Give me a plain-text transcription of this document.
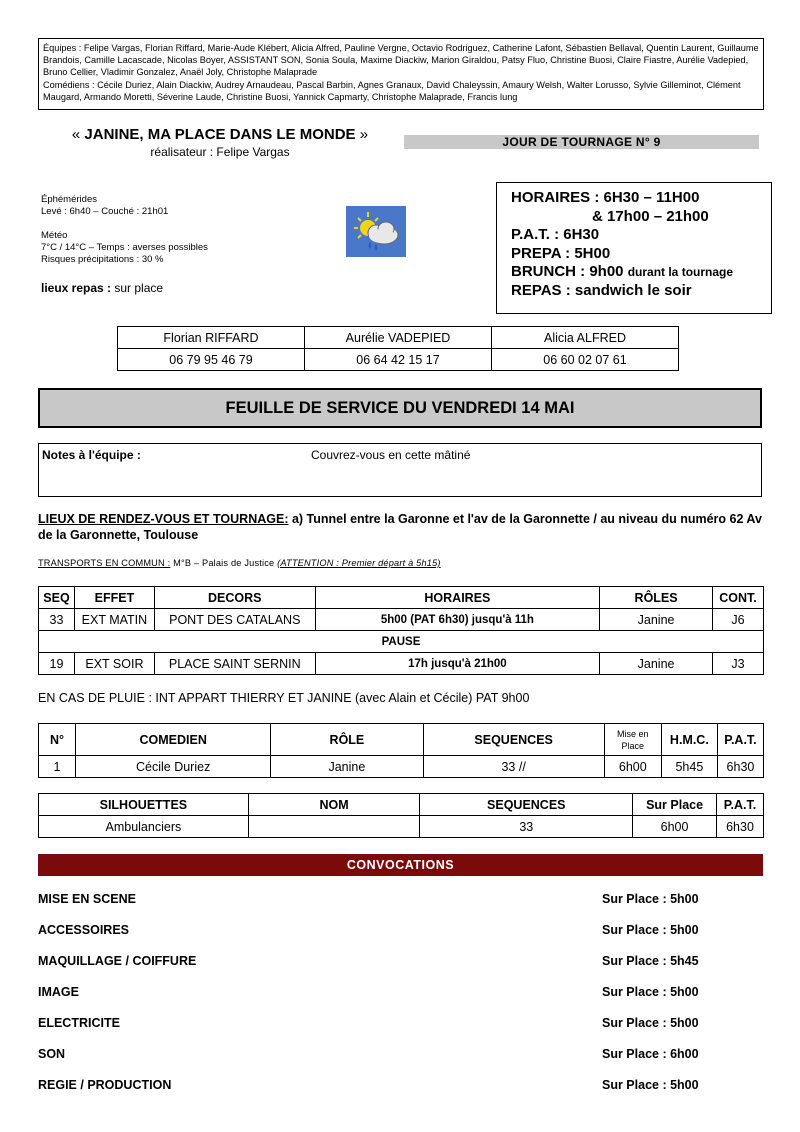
Équipes : Felipe Vargas, Florian Riffard, Marie-Aude Klébert, Alicia Alfred, Pauline Vergne, Octavio Rodriguez, Catherine Lafont, Sébastien Bellaval, Quentin Laurent, Guillaume Brandois, Camille Lacascade, Nicolas Boyer, ASSISTANT SON, Sonia Soula, Maxime Diackiw, Marion Giraldou, Patsy Fluo, Christine Buosi, Claire Fiastre, Aurélie Vadepied, Bruno Cellier, Vladimir Gonzalez, Anaël Joly, Christophe Malaprade

Comédiens : Cécile Duriez, Alain Diackiw, Audrey Arnaudeau, Pascal Barbin, Agnes Granaux, David Chaleyssin, Amaury Welsh, Walter Lorusso, Sylvie Gilleminot, Clément Maugard, Armando Moretti, Séverine Laude, Christine Buosi, Yannick Capmarty, Christophe Malaprade, Francis lung

« JANINE, MA PLACE DANS LE MONDE »
réalisateur : Felipe Vargas
JOUR DE TOURNAGE N° 9

Éphémérides

Levé : 6h40 – Couché : 21h01

Météo

7°C / 14°C – Temps : averses possibles

Risques précipitations : 30 %

lieux repas : sur place
HORAIRES : 6H30 – 11H00
& 17h00 – 21h00
P.A.T. : 6H30
PREPA : 5H00
BRUNCH : 9h00 durant la tournage
REPAS : sandwich le soir
Florian RIFFARD	Aurélie VADEPIED	Alicia ALFRED
06 79 95 46 79	06 64 42 15 17	06 60 02 07 61
FEUILLE DE SERVICE DU VENDREDI 14 MAI
Notes à l'équipe :	Couvrez-vous en cette mâtiné
LIEUX DE RENDEZ-VOUS ET TOURNAGE: a) Tunnel entre la Garonne et l'av de la Garonnette / au niveau du numéro 62 Av de la Garonnette, Toulouse
TRANSPORTS EN COMMUN : M°B – Palais de Justice (ATTENTION : Premier départ à 5h15)
SEQ	EFFET	DECORS	HORAIRES	RÔLES	CONT.
33	EXT MATIN	PONT DES CATALANS	5h00 (PAT 6h30) jusqu'à 11h	Janine	J6
PAUSE					
19	EXT SOIR	PLACE SAINT SERNIN	17h jusqu'à 21h00	Janine	J3
EN CAS DE PLUIE : INT APPART THIERRY ET JANINE (avec Alain et Cécile) PAT 9h00
N°	COMEDIEN	RÔLE	SEQUENCES	Mise en Place	H.M.C.	P.A.T.
1	Cécile Duriez	Janine	33 //	6h00	5h45	6h30
SILHOUETTES	NOM	SEQUENCES	Sur Place	P.A.T.
Ambulanciers		33	6h00	6h30
CONVOCATIONS
MISE EN SCENE	Sur Place : 5h00
ACCESSOIRES	Sur Place : 5h00
MAQUILLAGE / COIFFURE	Sur Place : 5h45
IMAGE	Sur Place : 5h00
ELECTRICITE	Sur Place : 5h00
SON	Sur Place : 6h00
REGIE / PRODUCTION	Sur Place : 5h00
